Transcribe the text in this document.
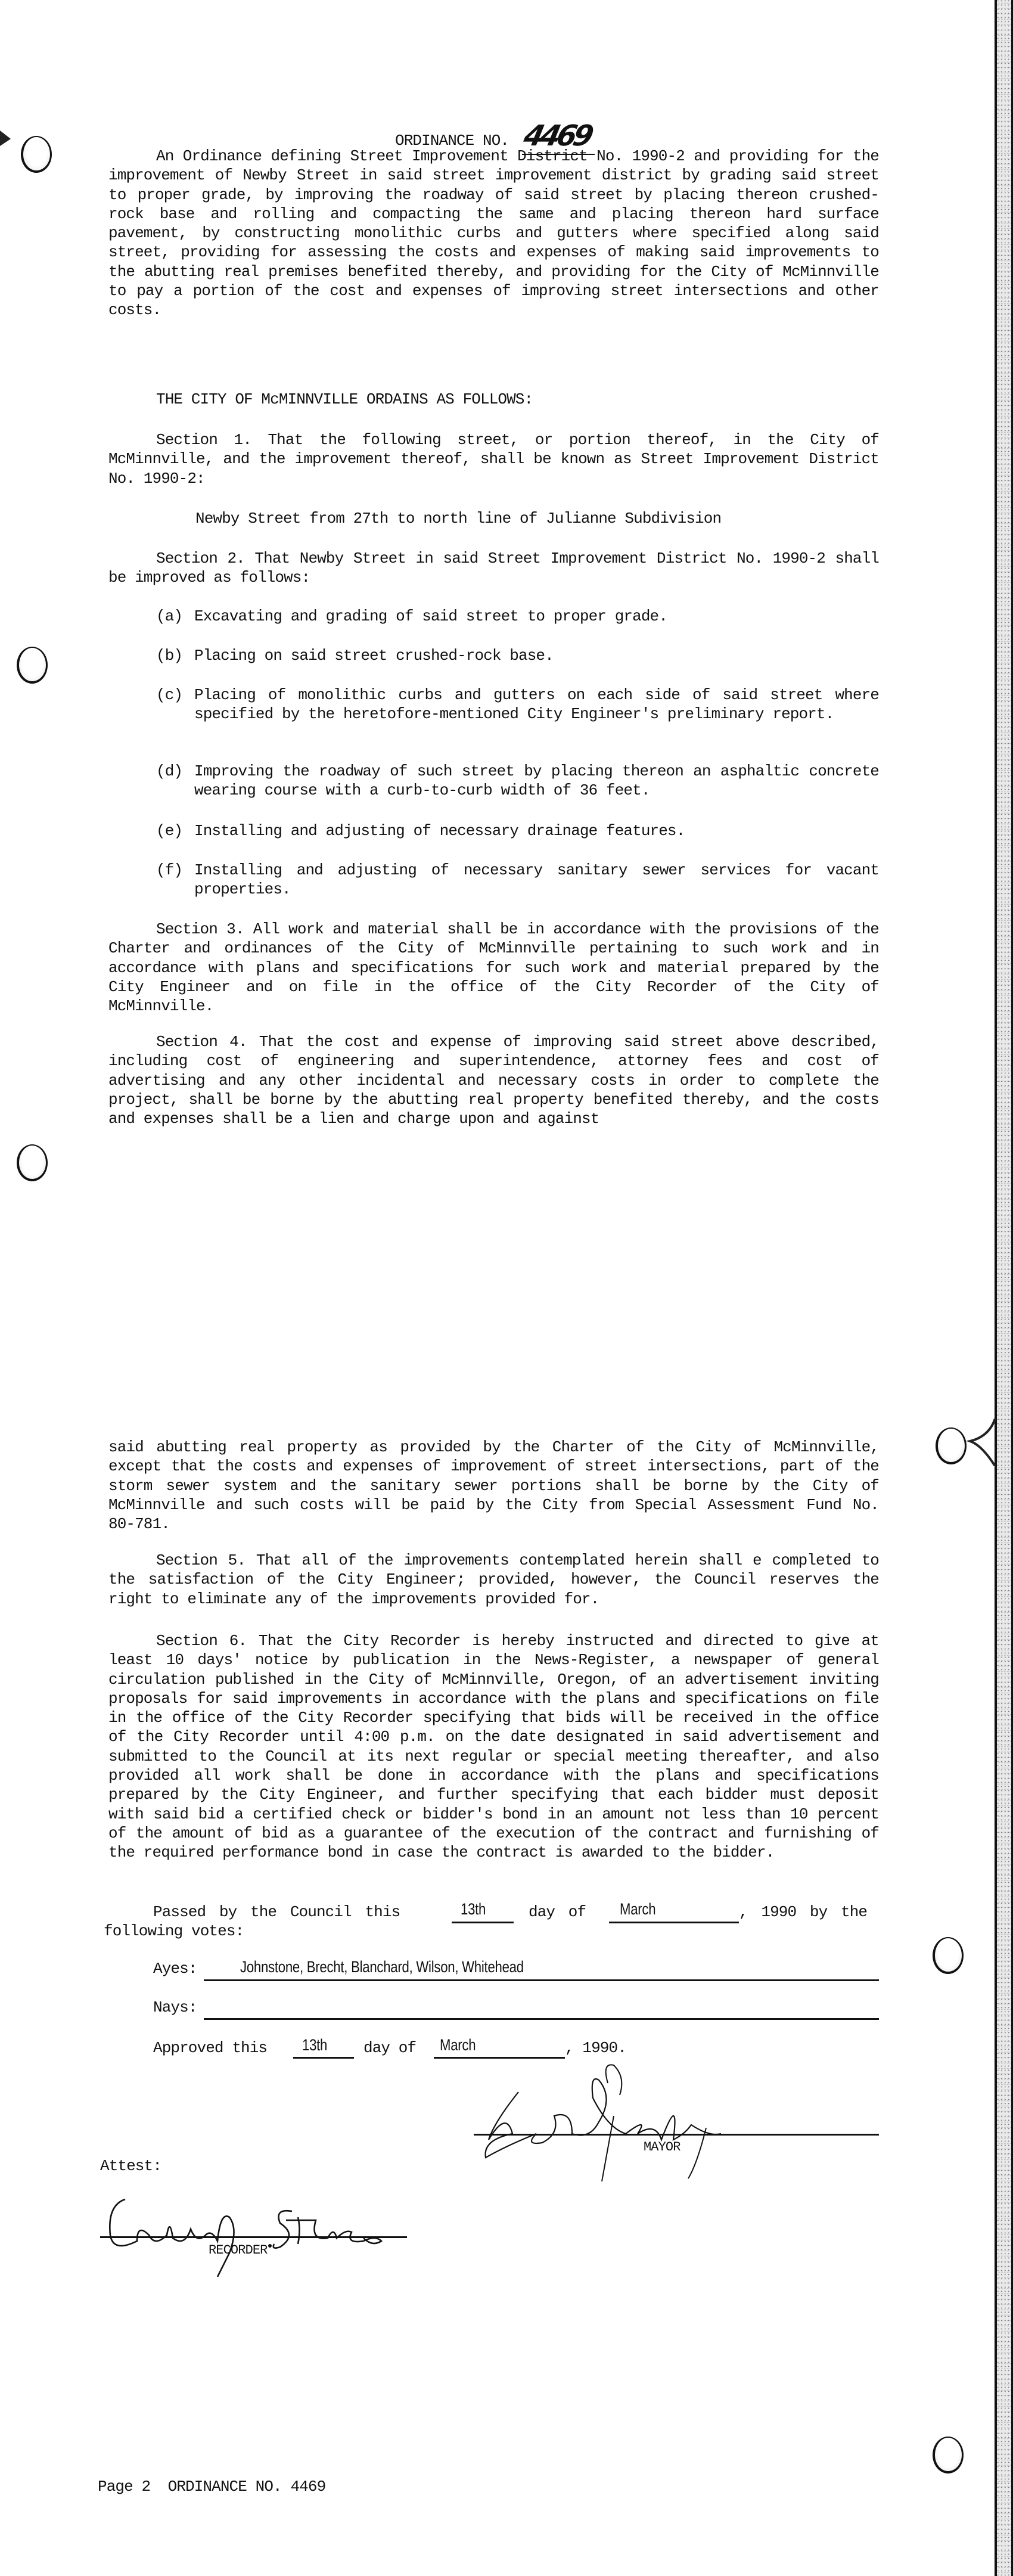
ORDINANCE NO. 4469
An Ordinance defining Street Improvement District No. 1990-2 and providing for the improvement of Newby Street in said street improvement district by grading said street to proper grade, by improving the roadway of said street by placing thereon crushed-rock base and rolling and compacting the same and placing thereon hard surface pavement, by constructing monolithic curbs and gutters where specified along said street, providing for assessing the costs and expenses of making said improvements to the abutting real premises benefited thereby, and providing for the City of McMinnville to pay a portion of the cost and expenses of improving street intersections and other costs.
THE CITY OF McMINNVILLE ORDAINS AS FOLLOWS:
Section 1. That the following street, or portion thereof, in the City of McMinnville, and the improvement thereof, shall be known as Street Improvement District No. 1990-2:
Newby Street from 27th to north line of Julianne Subdivision
Section 2. That Newby Street in said Street Improvement District No. 1990-2 shall be improved as follows:
(a) Excavating and grading of said street to proper grade.
(b) Placing on said street crushed-rock base.
(c) Placing of monolithic curbs and gutters on each side of said street where specified by the heretofore-mentioned City Engineer's preliminary report.
(d) Improving the roadway of such street by placing thereon an asphaltic concrete wearing course with a curb-to-curb width of 36 feet.
(e) Installing and adjusting of necessary drainage features.
(f) Installing and adjusting of necessary sanitary sewer services for vacant properties.
Section 3. All work and material shall be in accordance with the provisions of the Charter and ordinances of the City of McMinnville pertaining to such work and in accordance with plans and specifications for such work and material prepared by the City Engineer and on file in the office of the City Recorder of the City of McMinnville.
Section 4. That the cost and expense of improving said street above described, including cost of engineering and superintendence, attorney fees and cost of advertising and any other incidental and necessary costs in order to complete the project, shall be borne by the abutting real property benefited thereby, and the costs and expenses shall be a lien and charge upon and against
said abutting real property as provided by the Charter of the City of McMinnville, except that the costs and expenses of improvement of street intersections, part of the storm sewer system and the sanitary sewer portions shall be borne by the City of McMinnville and such costs will be paid by the City from Special Assessment Fund No. 80-781.
Section 5. That all of the improvements contemplated herein shall e completed to the satisfaction of the City Engineer; provided, however, the Council reserves the right to eliminate any of the improvements provided for.
Section 6. That the City Recorder is hereby instructed and directed to give at least 10 days' notice by publication in the News-Register, a newspaper of general circulation published in the City of McMinnville, Oregon, of an advertisement inviting proposals for said improvements in accordance with the plans and specifications on file in the office of the City Recorder specifying that bids will be received in the office of the City Recorder until 4:00 p.m. on the date designated in said advertisement and submitted to the Council at its next regular or special meeting thereafter, and also provided all work shall be done in accordance with the plans and specifications prepared by the City Engineer, and further specifying that each bidder must deposit with said bid a certified check or bidder's bond in an amount not less than 10 percent of the amount of bid as a guarantee of the execution of the contract and furnishing of the required performance bond in case the contract is awarded to the bidder.
Passed by the Council this	13th	day of March	, 1990 by the
following votes:
Ayes:	Johnstone, Brecht, Blanchard, Wilson, Whitehead
Nays:
Approved this 13th day of March	, 1990.
MAYOR
Attest:
RECORDER
Page 2  ORDINANCE NO. 4469
